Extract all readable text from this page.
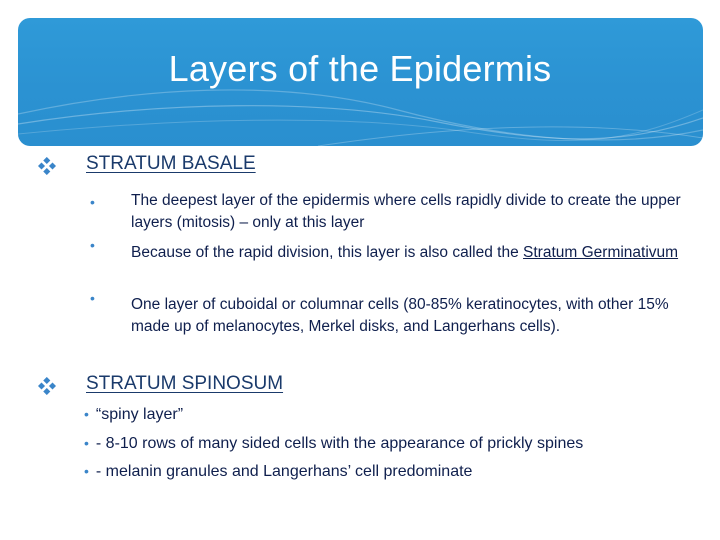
Layers of the Epidermis
STRATUM BASALE
• The deepest layer of the epidermis where cells rapidly divide to create the upper layers (mitosis) – only at this layer
• Because of the rapid division, this layer is also called the Stratum Germinativum
• One layer of cuboidal or columnar cells (80-85% keratinocytes, with other 15% made up of melanocytes, Merkel disks, and Langerhans cells).
STRATUM SPINOSUM
• “spiny layer”
• - 8-10 rows of many sided cells with the appearance of prickly spines
• - melanin granules and Langerhans’ cell predominate
